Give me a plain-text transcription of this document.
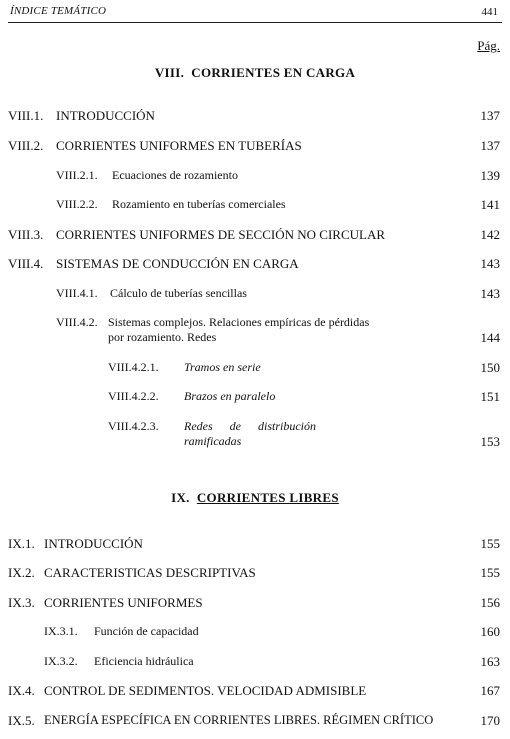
ÍNDICE TEMÁTICO	441
Pág.
VIII. CORRIENTES EN CARGA
VIII.1. INTRODUCCIÓN	137
VIII.2. CORRIENTES UNIFORMES EN TUBERÍAS	137
VIII.2.1. Ecuaciones de rozamiento	139
VIII.2.2. Rozamiento en tuberías comerciales	141
VIII.3. CORRIENTES UNIFORMES DE SECCIÓN NO CIRCULAR	142
VIII.4. SISTEMAS DE CONDUCCIÓN EN CARGA	143
VIII.4.1. Cálculo de tuberías sencillas	143
VIII.4.2. Sistemas complejos. Relaciones empíricas de pérdidas
por rozamiento. Redes	144
VIII.4.2.1. Tramos en serie	150
VIII.4.2.2. Brazos en paralelo	151
VIII.4.2.3. Redes de distribución
ramificadas	153
IX. CORRIENTES LIBRES
IX.1. INTRODUCCIÓN	155
IX.2. CARACTERISTICAS DESCRIPTIVAS	155
IX.3. CORRIENTES UNIFORMES	156
IX.3.1. Función de capacidad	160
IX.3.2. Eficiencia hidráulica	163
IX.4. CONTROL DE SEDIMENTOS. VELOCIDAD ADMISIBLE	167
IX.5. ENERGÍA ESPECÍFICA EN CORRIENTES LIBRES. RÉGIMEN CRÍTICO	170
